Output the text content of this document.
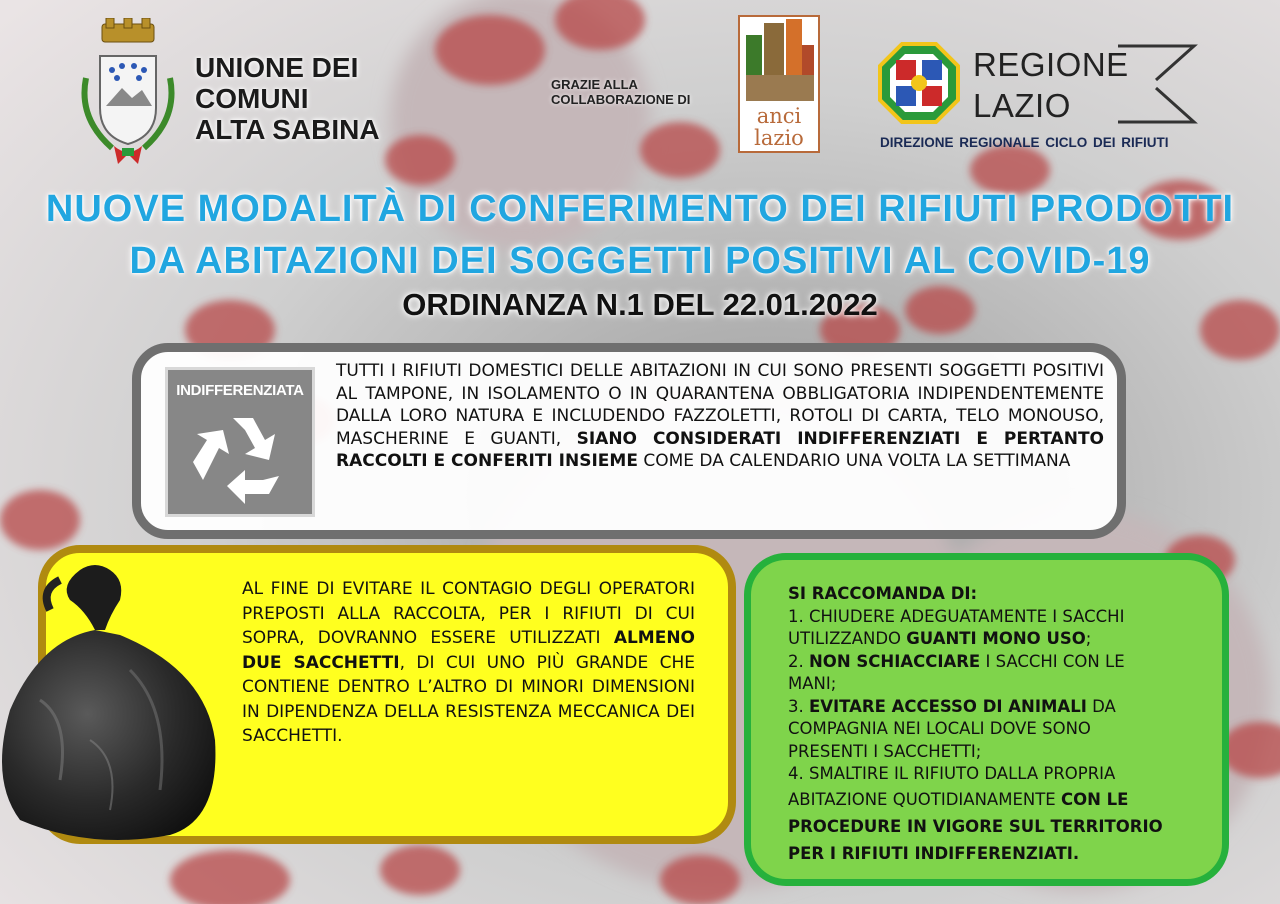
UNIONE DEI
COMUNI
ALTA SABINA
GRAZIE ALLA
COLLABORAZIONE DI
anci
lazio
REGIONE
LAZIO
DIREZIONE REGIONALE CICLO DEI RIFIUTI
NUOVE MODALITÀ DI CONFERIMENTO DEI RIFIUTI PRODOTTI
DA ABITAZIONI DEI SOGGETTI POSITIVI AL COVID-19
ORDINANZA N.1 DEL 22.01.2022
INDIFFERENZIATA
TUTTI I RIFIUTI DOMESTICI DELLE ABITAZIONI IN CUI SONO PRESENTI SOGGETTI POSITIVI AL TAMPONE, IN ISOLAMENTO O IN QUARANTENA OBBLIGATORIA INDIPENDENTEMENTE DALLA LORO NATURA E INCLUDENDO FAZZOLETTI, ROTOLI DI CARTA, TELO MONOUSO, MASCHERINE E GUANTI, SIANO CONSIDERATI INDIFFERENZIATI E PERTANTO RACCOLTI E CONFERITI INSIEME COME DA CALENDARIO UNA VOLTA LA SETTIMANA
AL FINE DI EVITARE IL CONTAGIO DEGLI OPERATORI PREPOSTI ALLA RACCOLTA, PER I RIFIUTI DI CUI SOPRA, DOVRANNO ESSERE UTILIZZATI ALMENO DUE SACCHETTI, DI CUI UNO PIÙ GRANDE CHE CONTIENE DENTRO L’ALTRO DI MINORI DIMENSIONI IN DIPENDENZA DELLA RESISTENZA MECCANICA DEI SACCHETTI.
SI RACCOMANDA DI:
1. CHIUDERE ADEGUATAMENTE I SACCHI
UTILIZZANDO GUANTI MONO USO;
2. NON SCHIACCIARE I SACCHI CON LE
MANI;
3. EVITARE ACCESSO DI ANIMALI DA
COMPAGNIA NEI LOCALI DOVE SONO
PRESENTI I SACCHETTI;
4. SMALTIRE IL RIFIUTO DALLA PROPRIA
ABITAZIONE QUOTIDIANAMENTE CON LE
PROCEDURE IN VIGORE SUL TERRITORIO
PER I RIFIUTI INDIFFERENZIATI.
